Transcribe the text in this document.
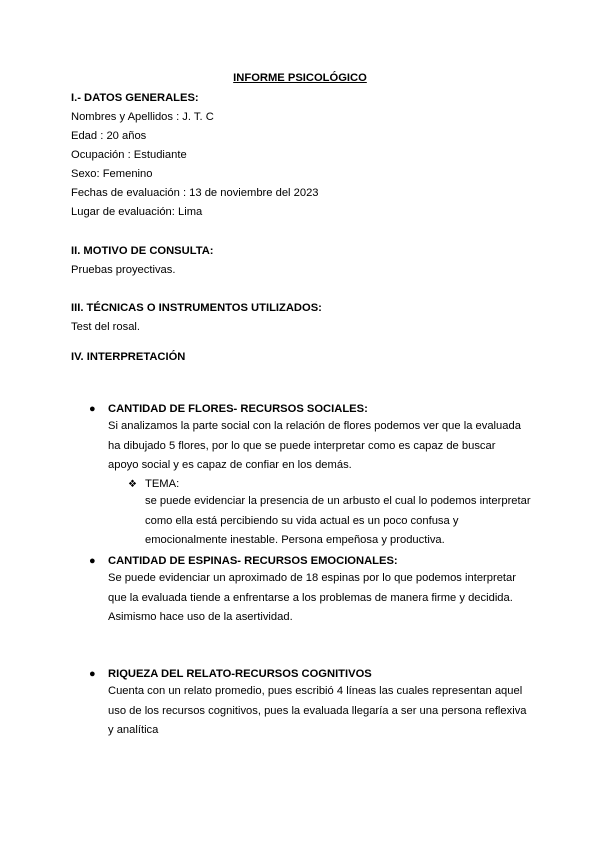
INFORME PSICOLÓGICO
I.- DATOS GENERALES:
Nombres y Apellidos : J. T. C
Edad : 20 años
Ocupación : Estudiante
Sexo: Femenino
Fechas de evaluación : 13 de noviembre del 2023
Lugar de evaluación: Lima
II. MOTIVO DE CONSULTA:
Pruebas proyectivas.
III. TÉCNICAS O INSTRUMENTOS UTILIZADOS:
Test del rosal.
IV. INTERPRETACIÓN
●	CANTIDAD DE FLORES- RECURSOS SOCIALES:
Si analizamos la parte social con la relación de flores podemos ver que la evaluada ha dibujado 5 flores, por lo que se puede interpretar como es capaz de buscar apoyo social y es capaz de confiar en los demás.
❖ TEMA:
se puede evidenciar la presencia de un arbusto el cual lo podemos interpretar como ella está percibiendo su vida actual es un poco confusa y emocionalmente inestable. Persona empeñosa y productiva.
●	CANTIDAD DE ESPINAS- RECURSOS EMOCIONALES:
Se puede evidenciar un aproximado de 18 espinas por lo que podemos interpretar que la evaluada tiende a enfrentarse a los problemas de manera firme y decidida. Asimismo hace uso de la asertividad.
●	RIQUEZA DEL RELATO-RECURSOS COGNITIVOS
Cuenta con un relato promedio, pues escribió 4 líneas las cuales representan aquel uso de los recursos cognitivos, pues la evaluada llegaría a ser una persona reflexiva y analítica
